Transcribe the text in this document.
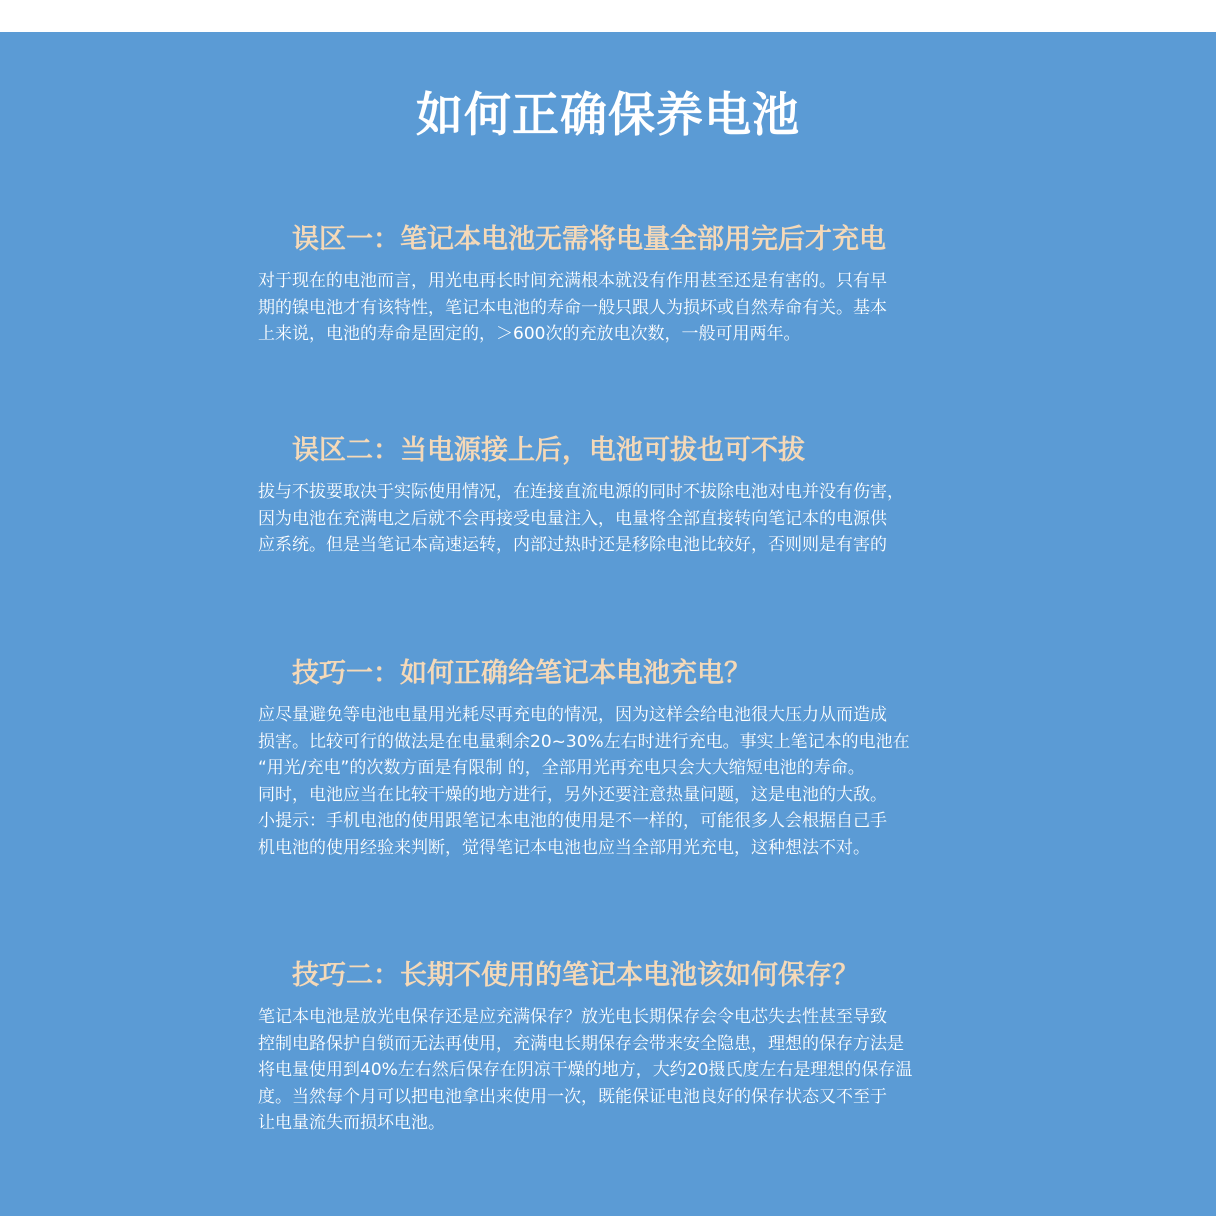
如何正确保养电池
误区一：笔记本电池无需将电量全部用完后才充电
对于现在的电池而言，用光电再长时间充满根本就没有作用甚至还是有害的。只有早
期的镍电池才有该特性，笔记本电池的寿命一般只跟人为损坏或自然寿命有关。基本
上来说，电池的寿命是固定的，＞600次的充放电次数，一般可用两年。
误区二：当电源接上后，电池可拔也可不拔
拔与不拔要取决于实际使用情况，在连接直流电源的同时不拔除电池对电并没有伤害，
因为电池在充满电之后就不会再接受电量注入，电量将全部直接转向笔记本的电源供
应系统。但是当笔记本高速运转，内部过热时还是移除电池比较好，否则则是有害的
技巧一：如何正确给笔记本电池充电？
应尽量避免等电池电量用光耗尽再充电的情况，因为这样会给电池很大压力从而造成
损害。比较可行的做法是在电量剩余20~30%左右时进行充电。事实上笔记本的电池在
“用光/充电”的次数方面是有限制 的，全部用光再充电只会大大缩短电池的寿命。
同时，电池应当在比较干燥的地方进行，另外还要注意热量问题，这是电池的大敌。
小提示：手机电池的使用跟笔记本电池的使用是不一样的，可能很多人会根据自己手
机电池的使用经验来判断，觉得笔记本电池也应当全部用光充电，这种想法不对。
技巧二：长期不使用的笔记本电池该如何保存？
笔记本电池是放光电保存还是应充满保存？放光电长期保存会令电芯失去性甚至导致
控制电路保护自锁而无法再使用，充满电长期保存会带来安全隐患，理想的保存方法是
将电量使用到40%左右然后保存在阴凉干燥的地方，大约20摄氏度左右是理想的保存温
度。当然每个月可以把电池拿出来使用一次，既能保证电池良好的保存状态又不至于
让电量流失而损坏电池。
